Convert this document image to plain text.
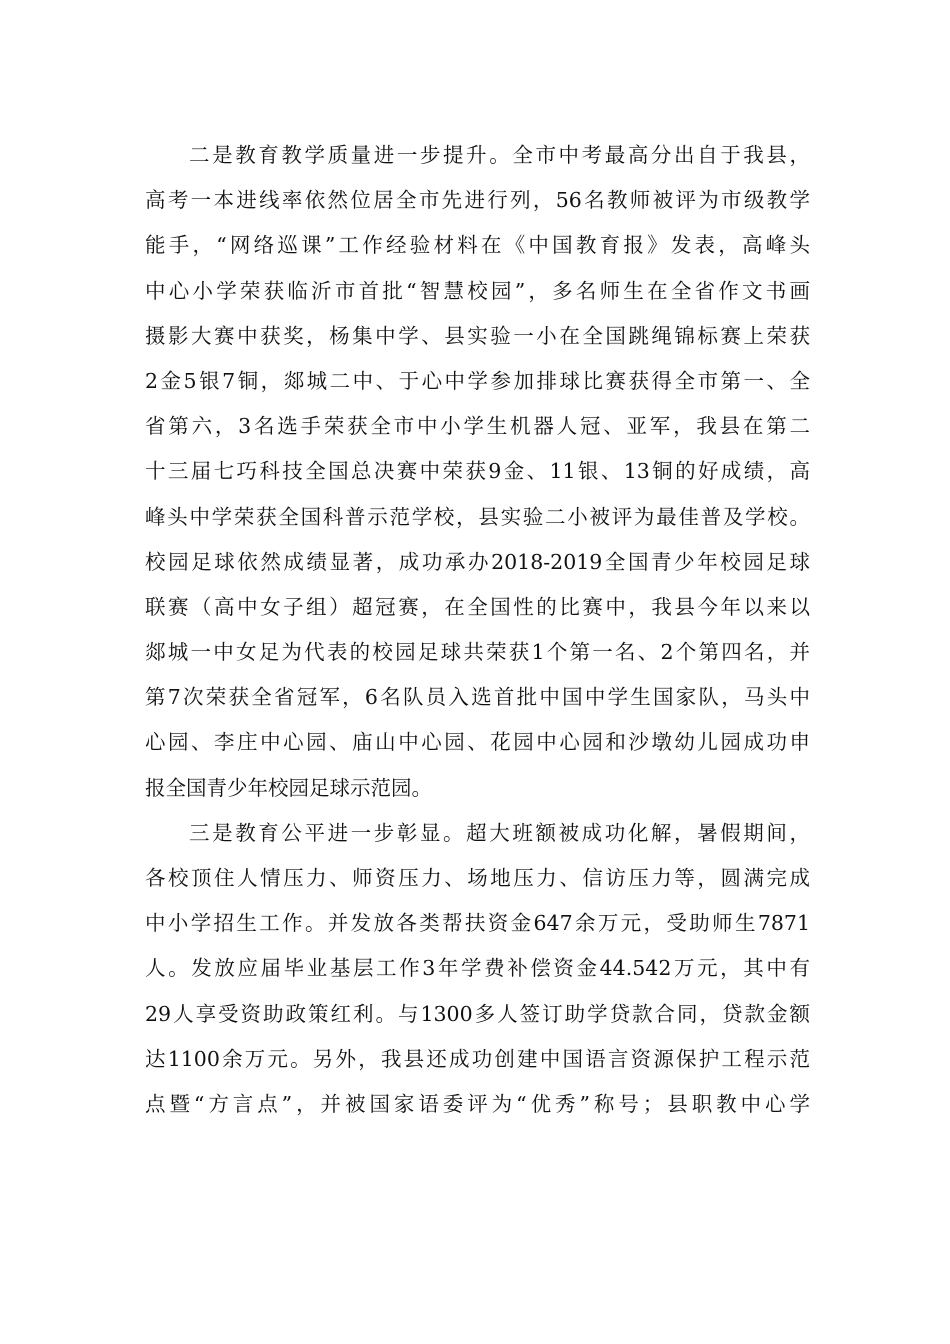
二是教育教学质量进一步提升。全市中考最高分出自于我县，
高考一本进线率依然位居全市先进行列，56名教师被评为市级教学
能手，“网络巡课”工作经验材料在《中国教育报》发表，高峰头
中心小学荣获临沂市首批“智慧校园”，多名师生在全省作文书画
摄影大赛中获奖，杨集中学、县实验一小在全国跳绳锦标赛上荣获
2金5银7铜，郯城二中、于心中学参加排球比赛获得全市第一、全
省第六，3名选手荣获全市中小学生机器人冠、亚军，我县在第二
十三届七巧科技全国总决赛中荣获9金、11银、13铜的好成绩，高
峰头中学荣获全国科普示范学校，县实验二小被评为最佳普及学校。
校园足球依然成绩显著，成功承办2018-2019全国青少年校园足球
联赛（高中女子组）超冠赛，在全国性的比赛中，我县今年以来以
郯城一中女足为代表的校园足球共荣获1个第一名、2个第四名，并
第7次荣获全省冠军，6名队员入选首批中国中学生国家队，马头中
心园、李庄中心园、庙山中心园、花园中心园和沙墩幼儿园成功申
报全国青少年校园足球示范园。
三是教育公平进一步彰显。超大班额被成功化解，暑假期间，
各校顶住人情压力、师资压力、场地压力、信访压力等，圆满完成
中小学招生工作。并发放各类帮扶资金647余万元，受助师生7871
人。发放应届毕业基层工作3年学费补偿资金44.542万元，其中有
29人享受资助政策红利。与1300多人签订助学贷款合同，贷款金额
达1100余万元。另外，我县还成功创建中国语言资源保护工程示范
点暨“方言点”，并被国家语委评为“优秀”称号；县职教中心学
